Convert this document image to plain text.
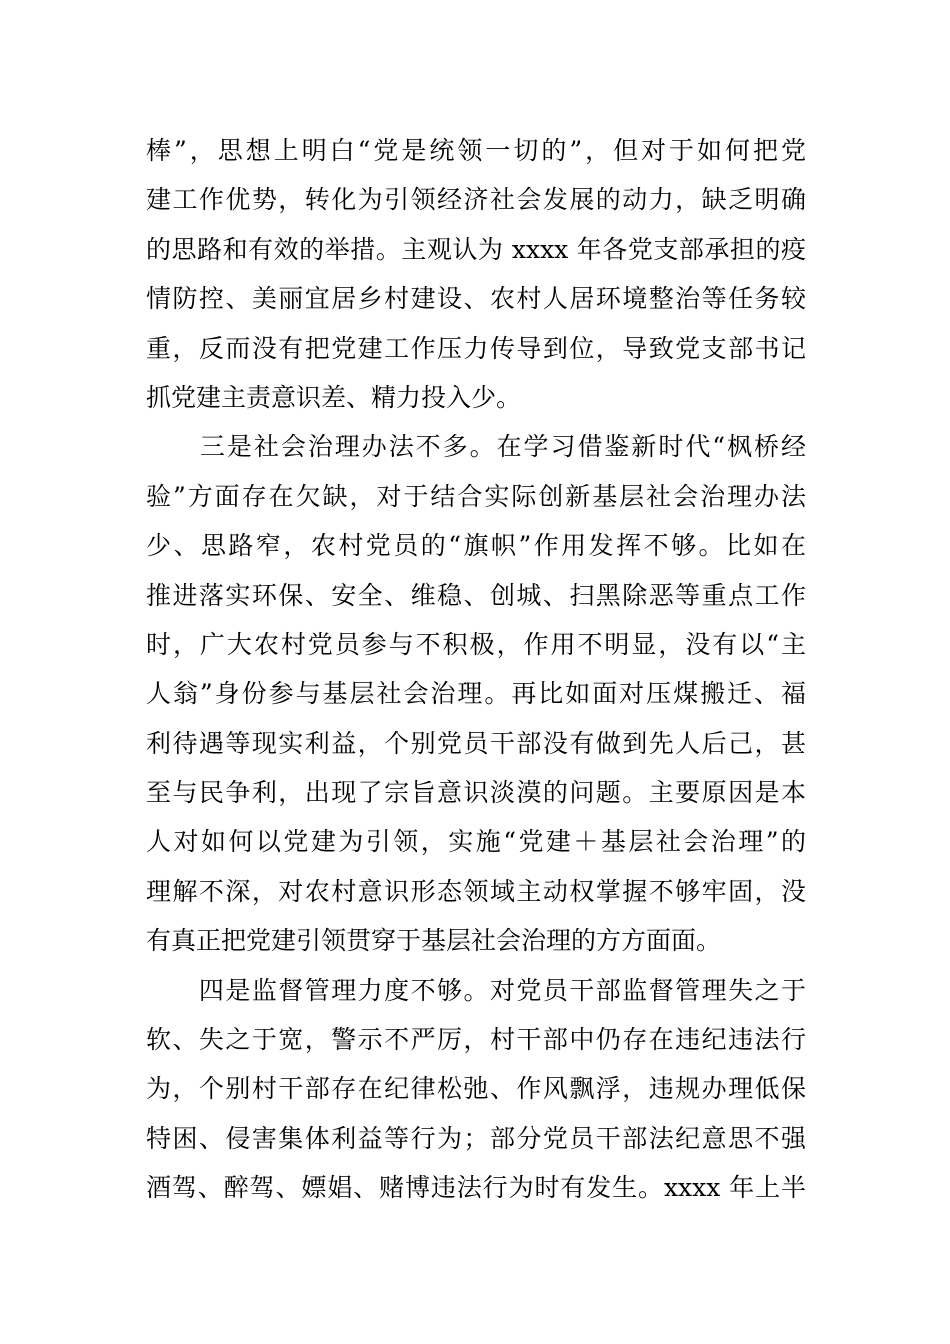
棒”，思想上明白“党是统领一切的”，但对于如何把党
建工作优势，转化为引领经济社会发展的动力，缺乏明确
的思路和有效的举措。主观认为 xxxx 年各党支部承担的疫
情防控、美丽宜居乡村建设、农村人居环境整治等任务较
重，反而没有把党建工作压力传导到位，导致党支部书记
抓党建主责意识差、精力投入少。
　　三是社会治理办法不多。在学习借鉴新时代“枫桥经
验”方面存在欠缺，对于结合实际创新基层社会治理办法
少、思路窄，农村党员的“旗帜”作用发挥不够。比如在
推进落实环保、安全、维稳、创城、扫黑除恶等重点工作
时，广大农村党员参与不积极，作用不明显，没有以“主
人翁”身份参与基层社会治理。再比如面对压煤搬迁、福
利待遇等现实利益，个别党员干部没有做到先人后己，甚
至与民争利，出现了宗旨意识淡漠的问题。主要原因是本
人对如何以党建为引领，实施“党建＋基层社会治理”的
理解不深，对农村意识形态领域主动权掌握不够牢固，没
有真正把党建引领贯穿于基层社会治理的方方面面。
　　四是监督管理力度不够。对党员干部监督管理失之于
软、失之于宽，警示不严厉，村干部中仍存在违纪违法行
为，个别村干部存在纪律松弛、作风飘浮，违规办理低保
特困、侵害集体利益等行为；部分党员干部法纪意思不强
酒驾、醉驾、嫖娼、赌博违法行为时有发生。xxxx 年上半
